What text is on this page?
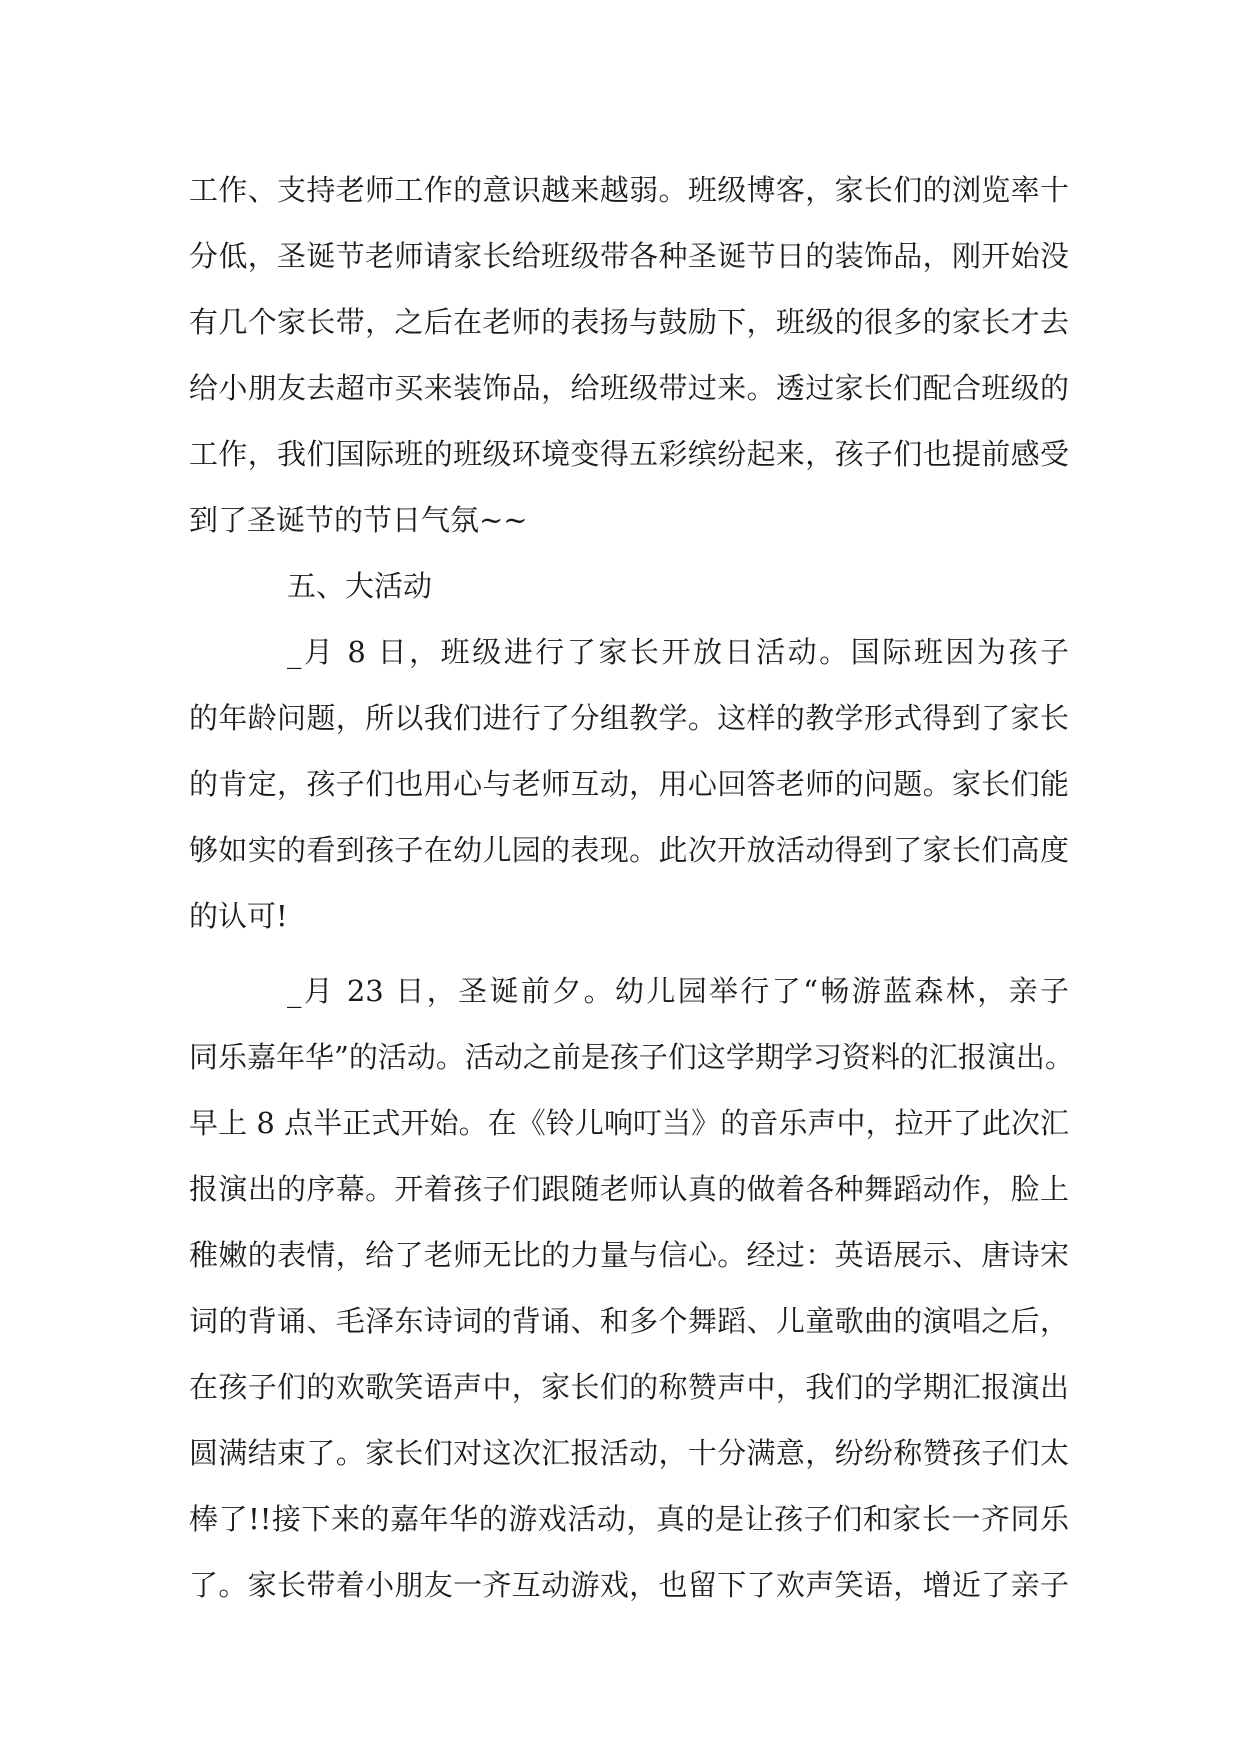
工作、支持老师工作的意识越来越弱。班级博客，家长们的浏览率十
分低，圣诞节老师请家长给班级带各种圣诞节日的装饰品，刚开始没
有几个家长带，之后在老师的表扬与鼓励下，班级的很多的家长才去
给小朋友去超市买来装饰品，给班级带过来。透过家长们配合班级的
工作，我们国际班的班级环境变得五彩缤纷起来，孩子们也提前感受
到了圣诞节的节日气氛~~
五、大活动
_月 8 日，班级进行了家长开放日活动。国际班因为孩子
的年龄问题，所以我们进行了分组教学。这样的教学形式得到了家长
的肯定，孩子们也用心与老师互动，用心回答老师的问题。家长们能
够如实的看到孩子在幼儿园的表现。此次开放活动得到了家长们高度
的认可!
_月 23 日，圣诞前夕。幼儿园举行了“畅游蓝森林，亲子
同乐嘉年华”的活动。活动之前是孩子们这学期学习资料的汇报演出。
早上 8 点半正式开始。在《铃儿响叮当》的音乐声中，拉开了此次汇
报演出的序幕。开着孩子们跟随老师认真的做着各种舞蹈动作，脸上
稚嫩的表情，给了老师无比的力量与信心。经过：英语展示、唐诗宋
词的背诵、毛泽东诗词的背诵、和多个舞蹈、儿童歌曲的演唱之后，
在孩子们的欢歌笑语声中，家长们的称赞声中，我们的学期汇报演出
圆满结束了。家长们对这次汇报活动，十分满意，纷纷称赞孩子们太
棒了!!接下来的嘉年华的游戏活动，真的是让孩子们和家长一齐同乐
了。家长带着小朋友一齐互动游戏，也留下了欢声笑语，增近了亲子
